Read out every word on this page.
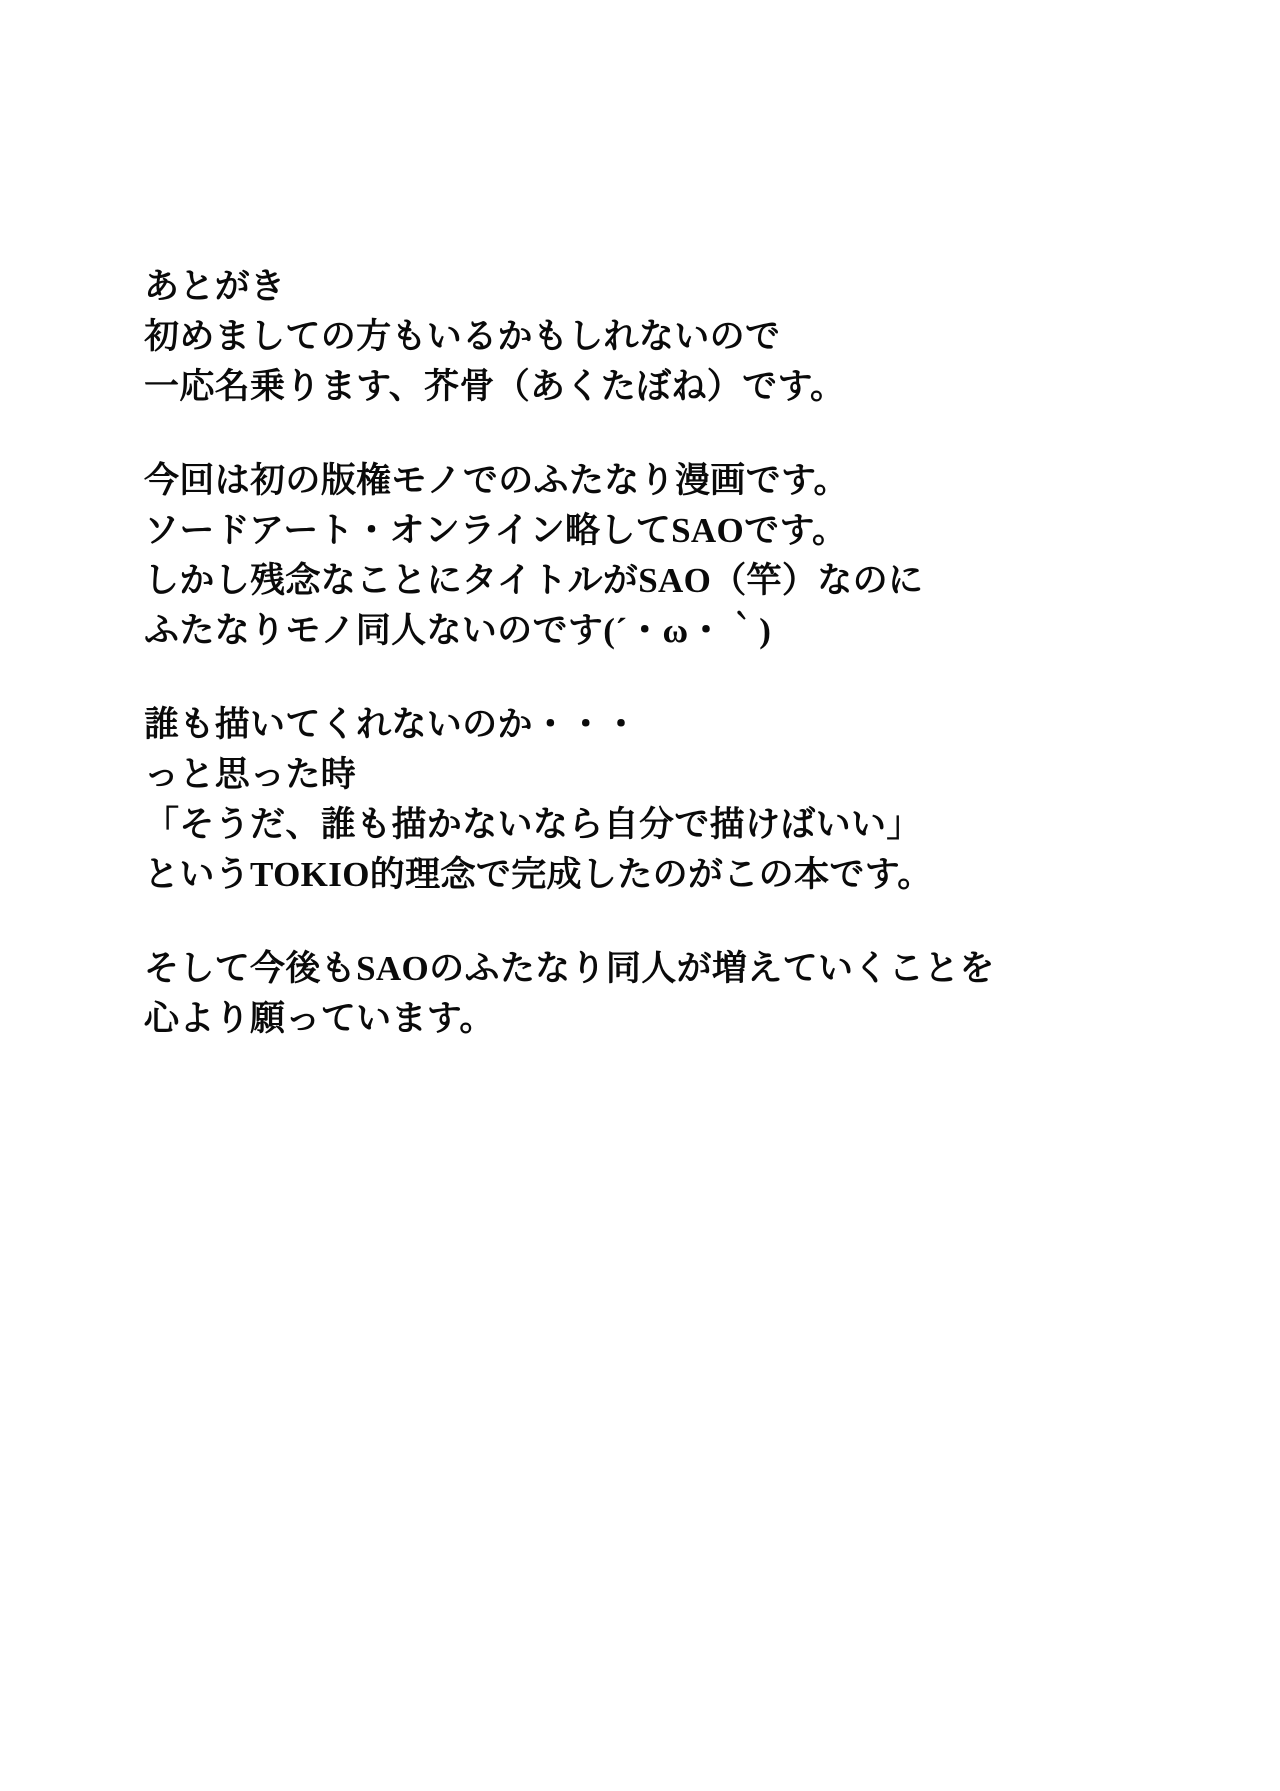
あとがき
初めましての方もいるかもしれないので
一応名乗ります、芥骨（あくたぼね）です。
今回は初の版権モノでのふたなり漫画です。
ソードアート・オンライン略してSAOです。
しかし残念なことにタイトルがSAO（竿）なのに
ふたなりモノ同人ないのです(´・ω・｀)
誰も描いてくれないのか・・・
っと思った時
「そうだ、誰も描かないなら自分で描けばいい」
というTOKIO的理念で完成したのがこの本です。
そして今後もSAOのふたなり同人が増えていくことを
心より願っています。
